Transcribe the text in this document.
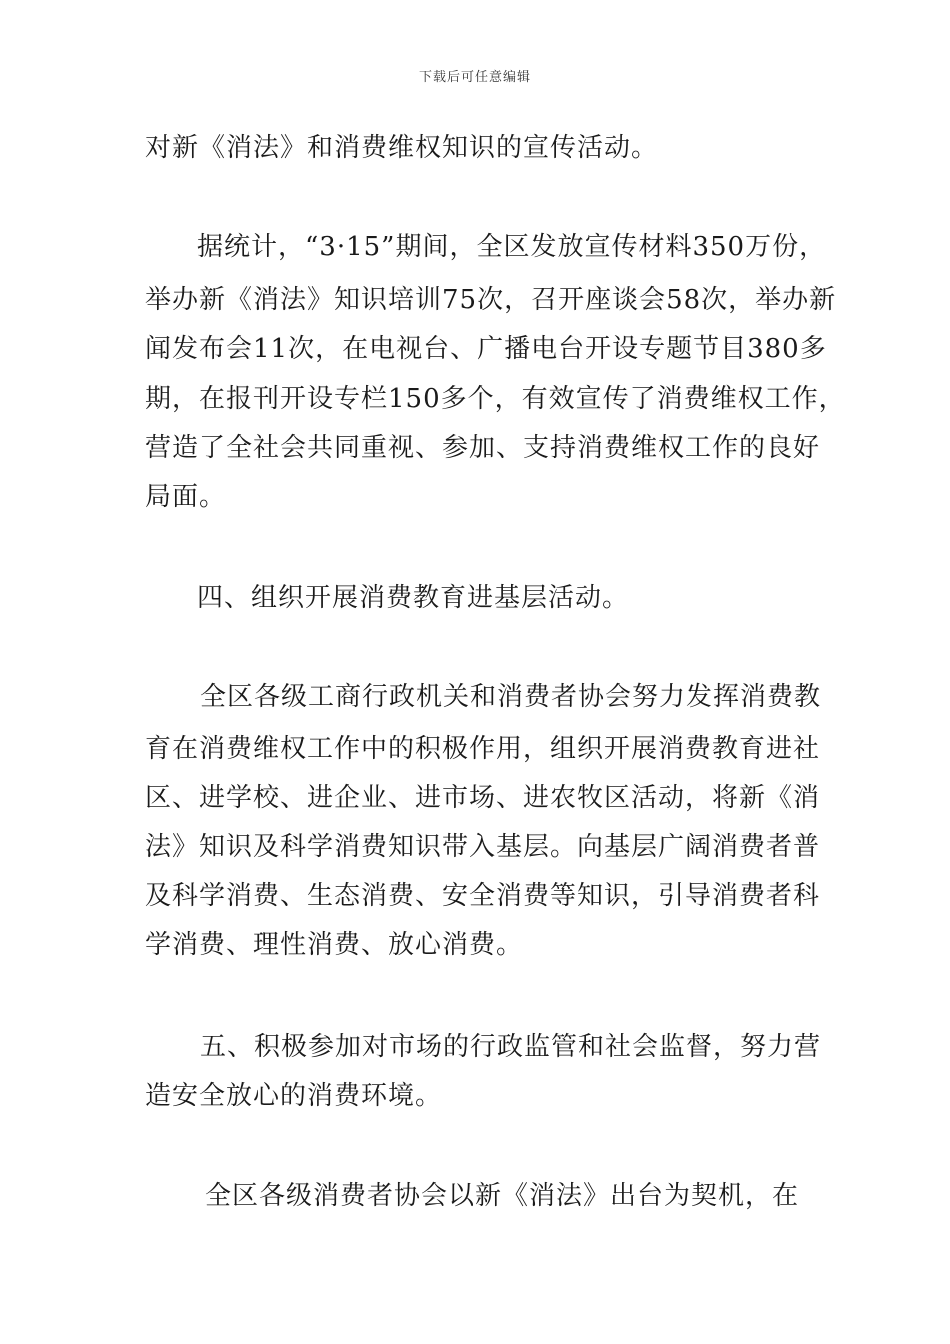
下载后可任意编辑
对新《消法》和消费维权知识的宣传活动。
据统计，“3·15”期间，全区发放宣传材料350万份，
举办新《消法》知识培训75次，召开座谈会58次，举办新
闻发布会11次，在电视台、广播电台开设专题节目380多
期，在报刊开设专栏150多个，有效宣传了消费维权工作，
营造了全社会共同重视、参加、支持消费维权工作的良好
局面。
四、组织开展消费教育进基层活动。
全区各级工商行政机关和消费者协会努力发挥消费教
育在消费维权工作中的积极作用，组织开展消费教育进社
区、进学校、进企业、进市场、进农牧区活动，将新《消
法》知识及科学消费知识带入基层。向基层广阔消费者普
及科学消费、生态消费、安全消费等知识，引导消费者科
学消费、理性消费、放心消费。
五、积极参加对市场的行政监管和社会监督，努力营
造安全放心的消费环境。
全区各级消费者协会以新《消法》出台为契机，在
